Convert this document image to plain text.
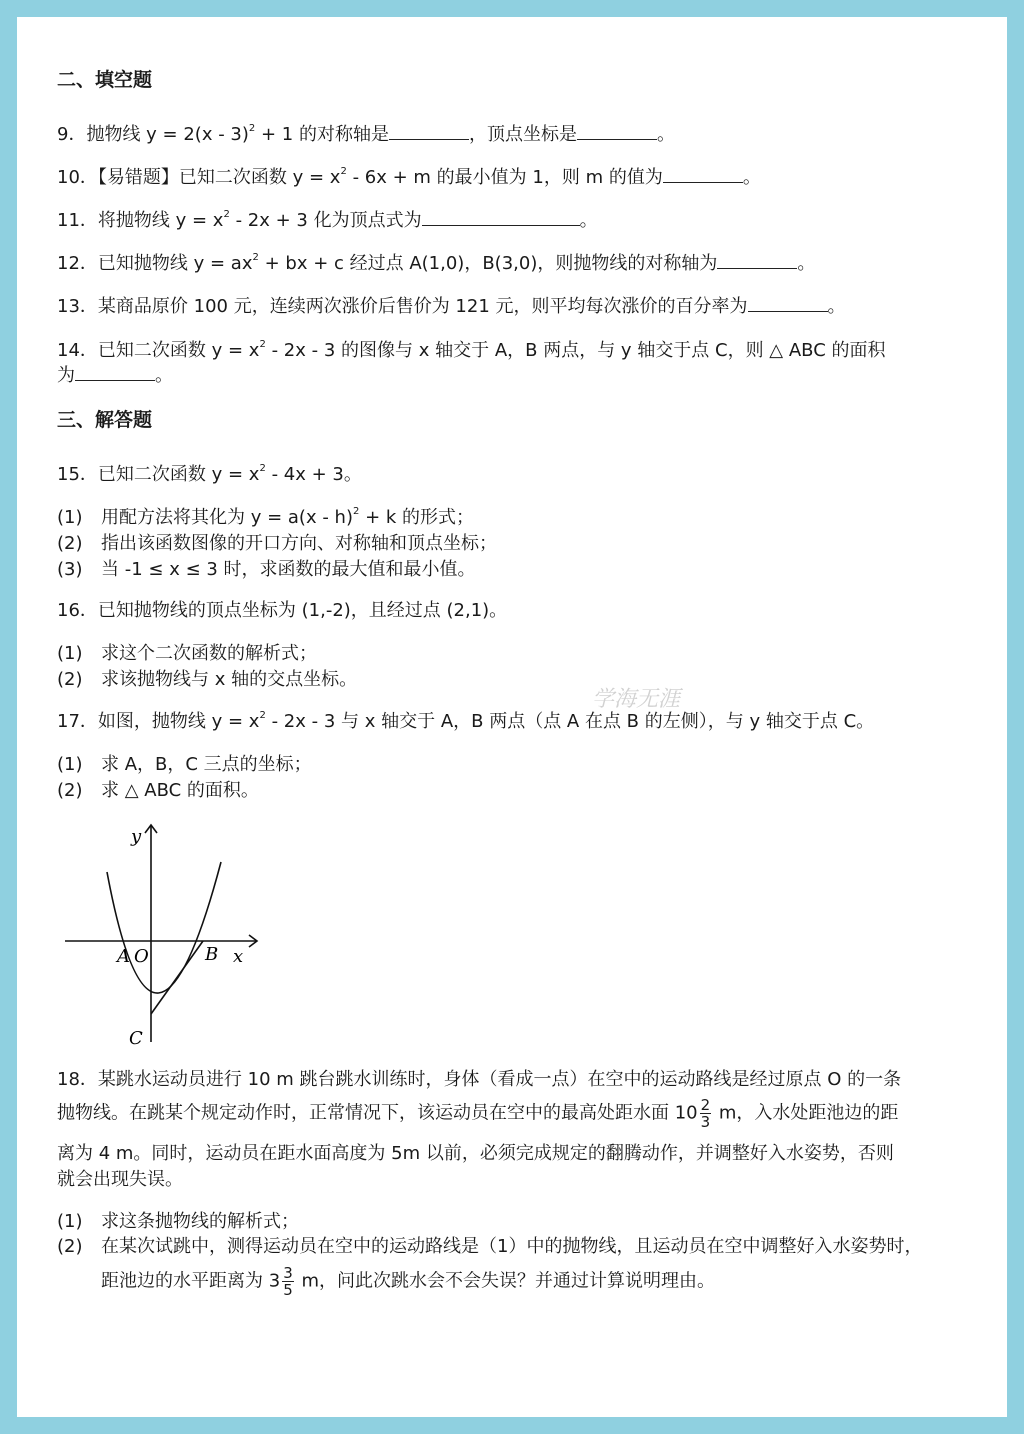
二、填空题
9．抛物线 y = 2(x - 3)$^2$ + 1 的对称轴是	，顶点坐标是	。
10．【易错题】已知二次函数 $y = x^2 - 6x + m$ 的最小值为 1，则 m 的值为	。
11．将抛物线 $y = x^2 - 2x + 3$ 化为顶点式为	。
12．已知抛物线 $y = ax^2$ + bx + c 经过点 A(1,0)，B(3,0)，则抛物线的对称轴为	。
13．某商品原价 100 元，连续两次涨价后售价为 121 元，则平均每次涨价的百分率为	。
14．已知二次函数 $y = x^2 - 2x - 3$ 的图像与 x 轴交于 A，B 两点，与 y 轴交于点 C，则 △ ABC 的面积
为	。
三、解答题
15．已知二次函数 $y = x^2 - 4x + 3$。
(1) 用配方法将其化为 y = a(x - h)$^2$ + k 的形式；
(2) 指出该函数图像的开口方向、对称轴和顶点坐标；
(3) 当 -1 ≤ x ≤ 3 时，求函数的最大值和最小值。
16．已知抛物线的顶点坐标为 (1,-2)，且经过点 (2,1)。
(1) 求这个二次函数的解析式；
(2) 求该抛物线与 x 轴的交点坐标。
学海无涯
17．如图，抛物线 $y = x^2 - 2x - 3$ 与 x 轴交于 A，B 两点（点 A 在点 B 的左侧），与 y 轴交于点 C。
(1) 求 A，B，C 三点的坐标；
(2) 求 △ ABC 的面积。
y
x
A O	B
C
18．某跳水运动员进行 10 m 跳台跳水训练时，身体（看成一点）在空中的运动路线是经过原点 O 的一条
抛物线。在跳某个规定动作时，正常情况下，该运动员在空中的最高处距水面 $10 \frac{2}{3}$ m，入水处距池边的距
离为 4 m。同时，运动员在距水面高度为 5m 以前，必须完成规定的翻腾动作，并调整好入水姿势，否则
就会出现失误。
(1) 求这条抛物线的解析式；
(2) 在某次试跳中，测得运动员在空中的运动路线是（1）中的抛物线，且运动员在空中调整好入水姿势时，
距池边的水平距离为 $3 \frac{3}{5}$ m，问此次跳水会不会失误？并通过计算说明理由。
